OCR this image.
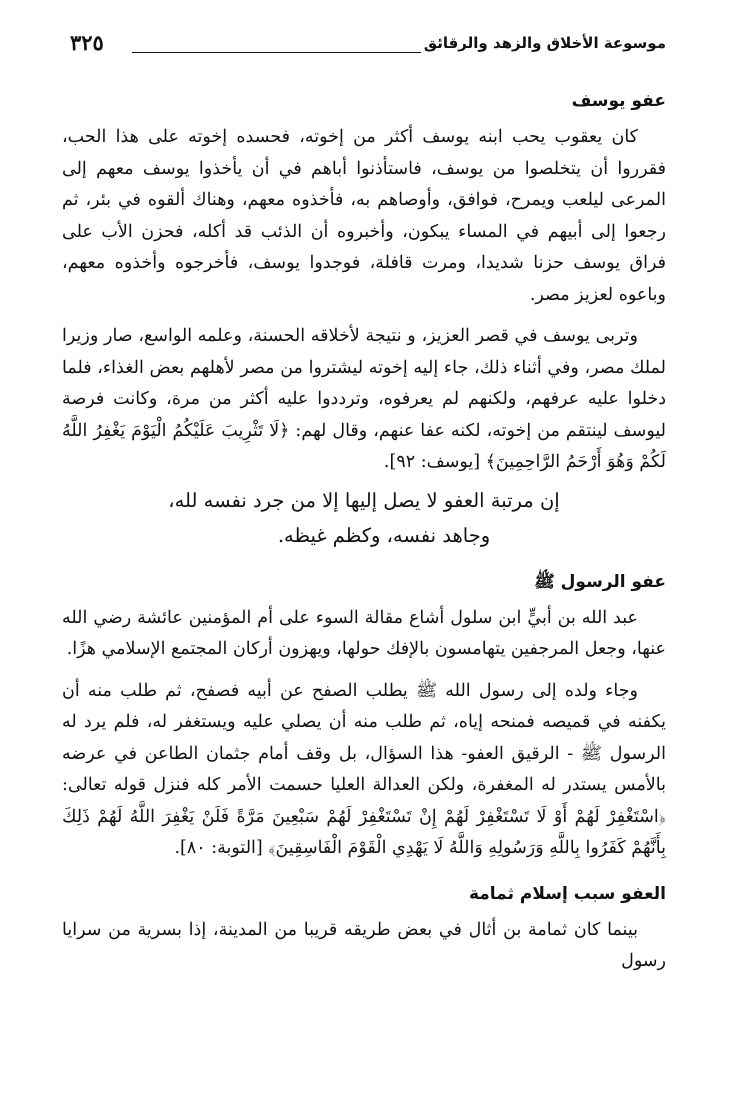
موسوعة الأخلاق والزهد والرقائق
٣٢٥
عفو يوسف

كان يعقوب يحب ابنه يوسف أكثر من إخوته، فحسده إخوته على هذا الحب، فقرروا أن يتخلصوا من يوسف، فاستأذنوا أباهم في أن يأخذوا يوسف معهم إلى المرعى ليلعب ويمرح، فوافق، وأوصاهم به، فأخذوه معهم، وهناك ألقوه في بئر، ثم رجعوا إلى أبيهم في المساء يبكون، وأخبروه أن الذئب قد أكله، فحزن الأب على فراق يوسف حزنا شديدا، ومرت قافلة، فوجدوا يوسف، فأخرجوه وأخذوه معهم، وباعوه لعزيز مصر.

وتربى يوسف في قصر العزيز، و نتيجة لأخلاقه الحسنة، وعلمه الواسع، صار وزيرا لملك مصر، وفي أثناء ذلك، جاء إليه إخوته ليشتروا من مصر لأهلهم بعض الغذاء، فلما دخلوا عليه عرفهم، ولكنهم لم يعرفوه، وترددوا عليه أكثر من مرة، وكانت فرصة ليوسف لينتقم من إخوته، لكنه عفا عنهم، وقال لهم: ﴿لَا تَثْرِيبَ عَلَيْكُمُ الْيَوْمَ يَغْفِرُ اللَّهُ لَكُمْ وَهُوَ أَرْحَمُ الرَّاحِمِينَ﴾ [يوسف: ٩٢].

إن مرتبة العفو لا يصل إليها إلا من جرد نفسه لله،
وجاهد نفسه، وكظم غيظه.
عفو الرسول ﷺ

عبد الله بن أبيٍّ ابن سلول أشاع مقالة السوء على أم المؤمنين عائشة رضي الله عنها، وجعل المرجفين يتهامسون بالإفك حولها، ويهزون أركان المجتمع الإسلامي هزًا.

وجاء ولده إلى رسول الله ﷺ يطلب الصفح عن أبيه فصفح، ثم طلب منه أن يكفنه في قميصه فمنحه إياه، ثم طلب منه أن يصلي عليه ويستغفر له، فلم يرد له الرسول ﷺ - الرقيق العفو- هذا السؤال، بل وقف أمام جثمان الطاعن في عرضه بالأمس يستدر له المغفرة، ولكن العدالة العليا حسمت الأمر كله فنزل قوله تعالى: ﴿اسْتَغْفِرْ لَهُمْ أَوْ لَا تَسْتَغْفِرْ لَهُمْ إِنْ تَسْتَغْفِرْ لَهُمْ سَبْعِينَ مَرَّةً فَلَنْ يَغْفِرَ اللَّهُ لَهُمْ ذَلِكَ بِأَنَّهُمْ كَفَرُوا بِاللَّهِ وَرَسُولِهِ وَاللَّهُ لَا يَهْدِي الْقَوْمَ الْفَاسِقِينَ﴾ [التوبة: ٨٠].

العفو سبب إسلام ثمامة

بينما كان ثمامة بن أثال في بعض طريقه قريبا من المدينة، إذا بسرية من سرايا رسول
